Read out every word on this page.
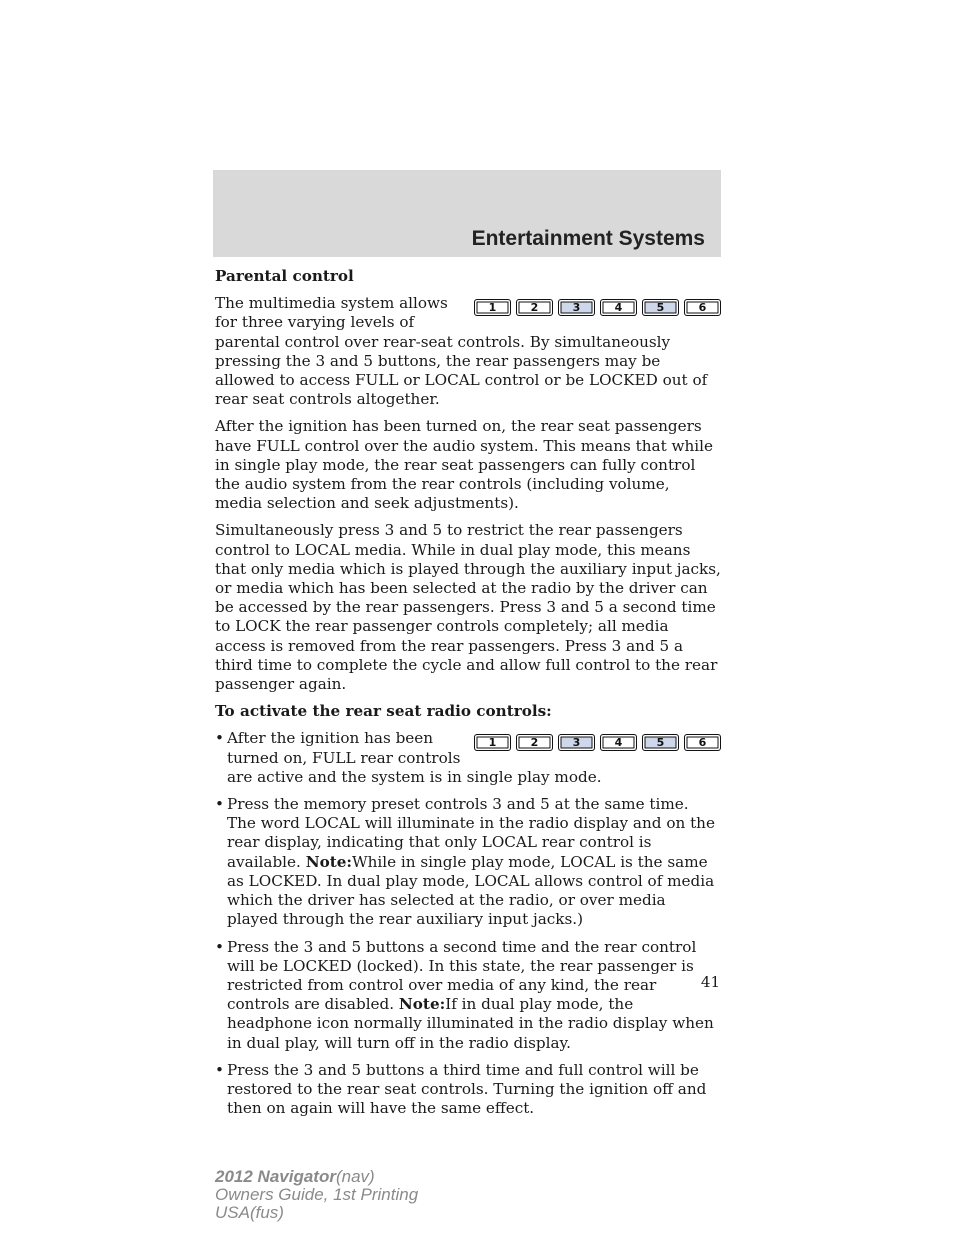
Entertainment Systems

Parental control

1	2	3	4	5	6

The multimedia system allows for three varying levels of parental control over rear-seat controls. By simultaneously pressing the 3 and 5 buttons, the rear passengers may be allowed to access FULL or LOCAL control or be LOCKED out of rear seat controls altogether.

After the ignition has been turned on, the rear seat passengers have FULL control over the audio system. This means that while in single play mode, the rear seat passengers can fully control the audio system from the rear controls (including volume, media selection and seek adjustments).

Simultaneously press 3 and 5 to restrict the rear passengers control to LOCAL media. While in dual play mode, this means that only media which is played through the auxiliary input jacks, or media which has been selected at the radio by the driver can be accessed by the rear passengers. Press 3 and 5 a second time to LOCK the rear passenger controls completely; all media access is removed from the rear passengers. Press 3 and 5 a third time to complete the cycle and allow full control to the rear passenger again.

To activate the rear seat radio controls:

•	1	2	3	4	5	6
After the ignition has been turned on, FULL rear controls are active and the system is in single play mode.
• Press the memory preset controls 3 and 5 at the same time. The word LOCAL will illuminate in the radio display and on the rear display, indicating that only LOCAL rear control is available. Note:While in single play mode, LOCAL is the same as LOCKED. In dual play mode, LOCAL allows control of media which the driver has selected at the radio, or over media played through the rear auxiliary input jacks.)
• Press the 3 and 5 buttons a second time and the rear control will be LOCKED (locked). In this state, the rear passenger is restricted from control over media of any kind, the rear controls are disabled. Note:If in dual play mode, the headphone icon normally illuminated in the radio display when in dual play, will turn off in the radio display.
• Press the 3 and 5 buttons a third time and full control will be restored to the rear seat controls. Turning the ignition off and then on again will have the same effect.
41
2012 Navigator(nav)
Owners Guide, 1st Printing
USA(fus)
